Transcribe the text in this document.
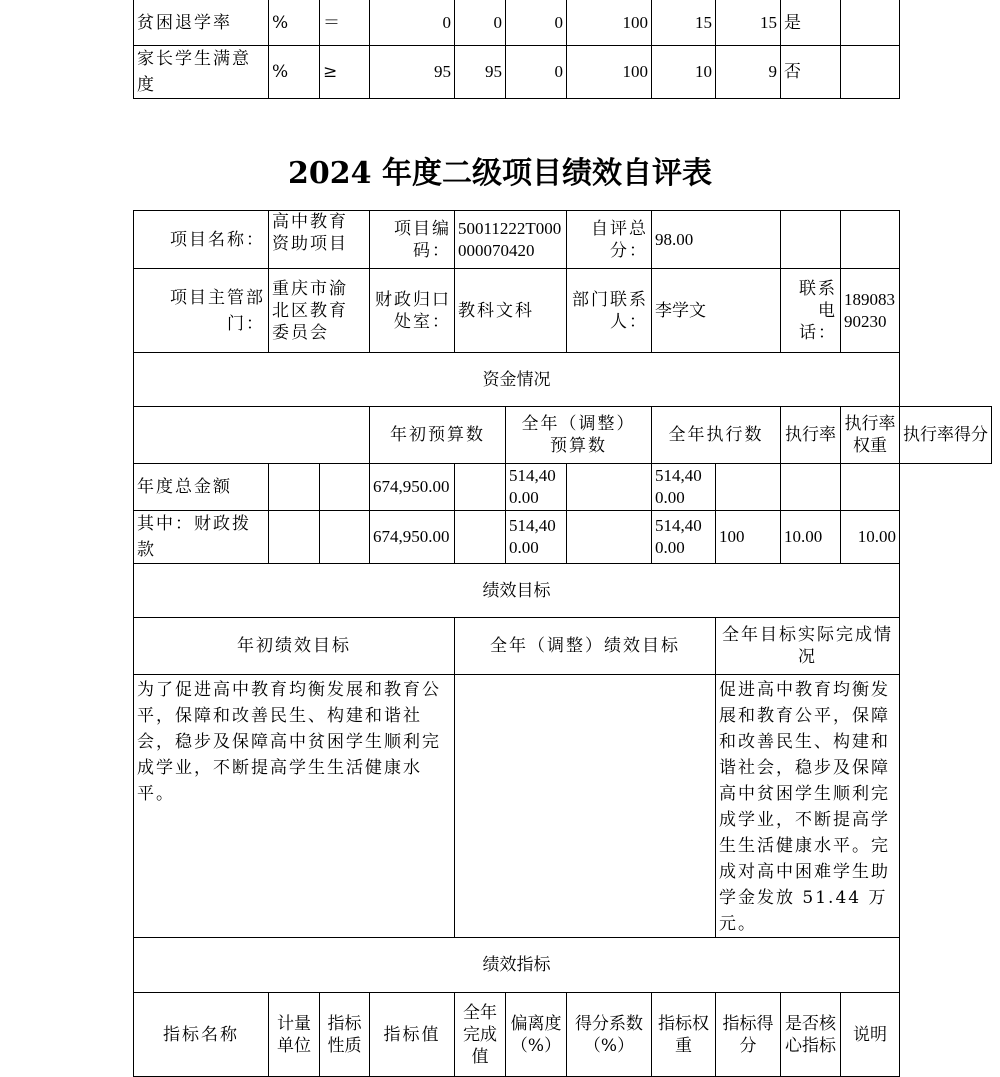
贫困退学率	%	＝	0	0	0	100	15	15	是	
家长学生满意度	%	≥	95	95	0	100	10	9	否	
2024 年度二级项目绩效自评表
项目名称：	高中教育资助项目		项目编码：	50011222T000000070420		自评总分：	98.00				
项目主管部门：	重庆市渝北区教育委员会		财政归口处室：	教科文科		部门联系人：	李学文		联系电话：	18908390230	
资金情况											
			年初预算数		全年（调整）预算数		全年执行数		执行率	执行率权重	执行率得分
年度总金额			674,950.00		514,400.00		514,400.00				
其中：财政拨款			674,950.00		514,400.00		514,400.00	100	10.00	10.00	
绩效目标											
年初绩效目标				全年（调整）绩效目标				全年目标实际完成情况			
为了促进高中教育均衡发展和教育公平，保障和改善民生、构建和谐社会，稳步及保障高中贫困学生顺利完成学业，不断提高学生生活健康水平。								促进高中教育均衡发展和教育公平，保障和改善民生、构建和谐社会，稳步及保障高中贫困学生顺利完成学业，不断提高学生生活健康水平。完成对高中困难学生助学金发放 51.44 万元。			
绩效指标											
指标名称	计量单位	指标性质	指标值	全年完成值	偏离度（%）	得分系数（%）	指标权重	指标得分	是否核心指标	说明	
